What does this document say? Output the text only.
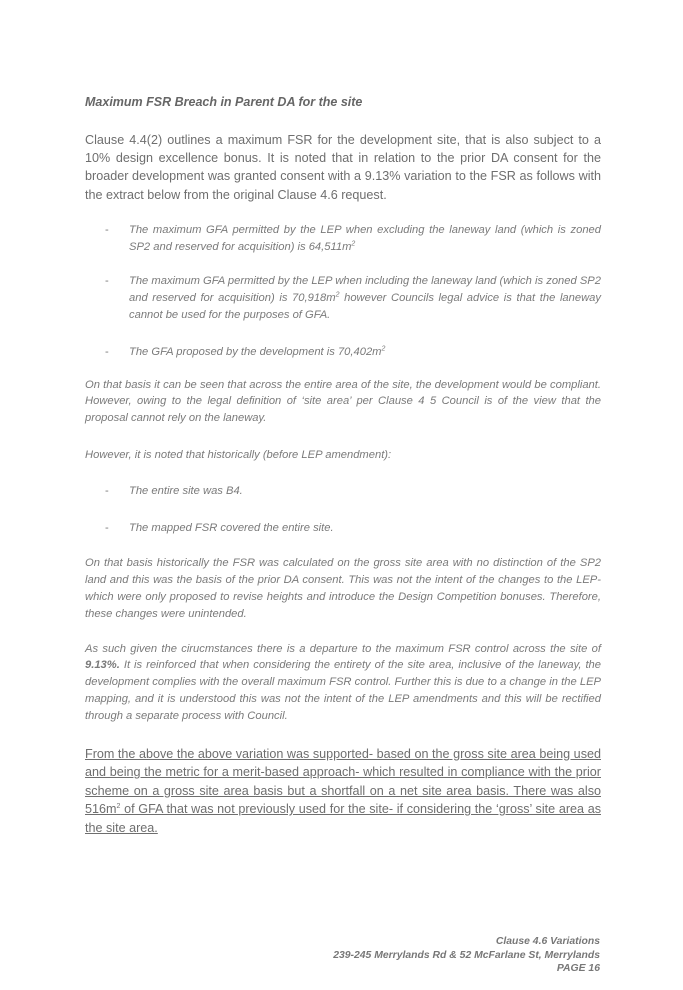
Maximum FSR Breach in Parent DA for the site

Clause 4.4(2) outlines a maximum FSR for the development site, that is also subject to a 10% design excellence bonus. It is noted that in relation to the prior DA consent for the broader development was granted consent with a 9.13% variation to the FSR as follows with the extract below from the original Clause 4.6 request.

- The maximum GFA permitted by the LEP when excluding the laneway land (which is zoned SP2 and reserved for acquisition) is $64,511m^2$
- The maximum GFA permitted by the LEP when including the laneway land (which is zoned SP2 and reserved for acquisition) is $70,918m^2$ however Councils legal advice is that the laneway cannot be used for the purposes of GFA.
- The GFA proposed by the development is $70,402m^2$

On that basis it can be seen that across the entire area of the site, the development would be compliant. However, owing to the legal definition of ‘site area’ per Clause 4 5 Council is of the view that the proposal cannot rely on the laneway.

However, it is noted that historically (before LEP amendment):

- The entire site was B4.
- The mapped FSR covered the entire site.

On that basis historically the FSR was calculated on the gross site area with no distinction of the SP2 land and this was the basis of the prior DA consent. This was not the intent of the changes to the LEP- which were only proposed to revise heights and introduce the Design Competition bonuses. Therefore, these changes were unintended.

As such given the cirucmstances there is a departure to the maximum FSR control across the site of 9.13%. It is reinforced that when considering the entirety of the site area, inclusive of the laneway, the development complies with the overall maximum FSR control. Further this is due to a change in the LEP mapping, and it is understood this was not the intent of the LEP amendments and this will be rectified through a separate process with Council.

From the above the above variation was supported- based on the gross site area being used and being the metric for a merit-based approach- which resulted in compliance with the prior scheme on a gross site area basis but a shortfall on a net site area basis. There was also $516m^2$ of GFA that was not previously used for the site- if considering the ‘gross’ site area as the site area.

Clause 4.6 Variations
239-245 Merrylands Rd & 52 McFarlane St, Merrylands
PAGE 16
